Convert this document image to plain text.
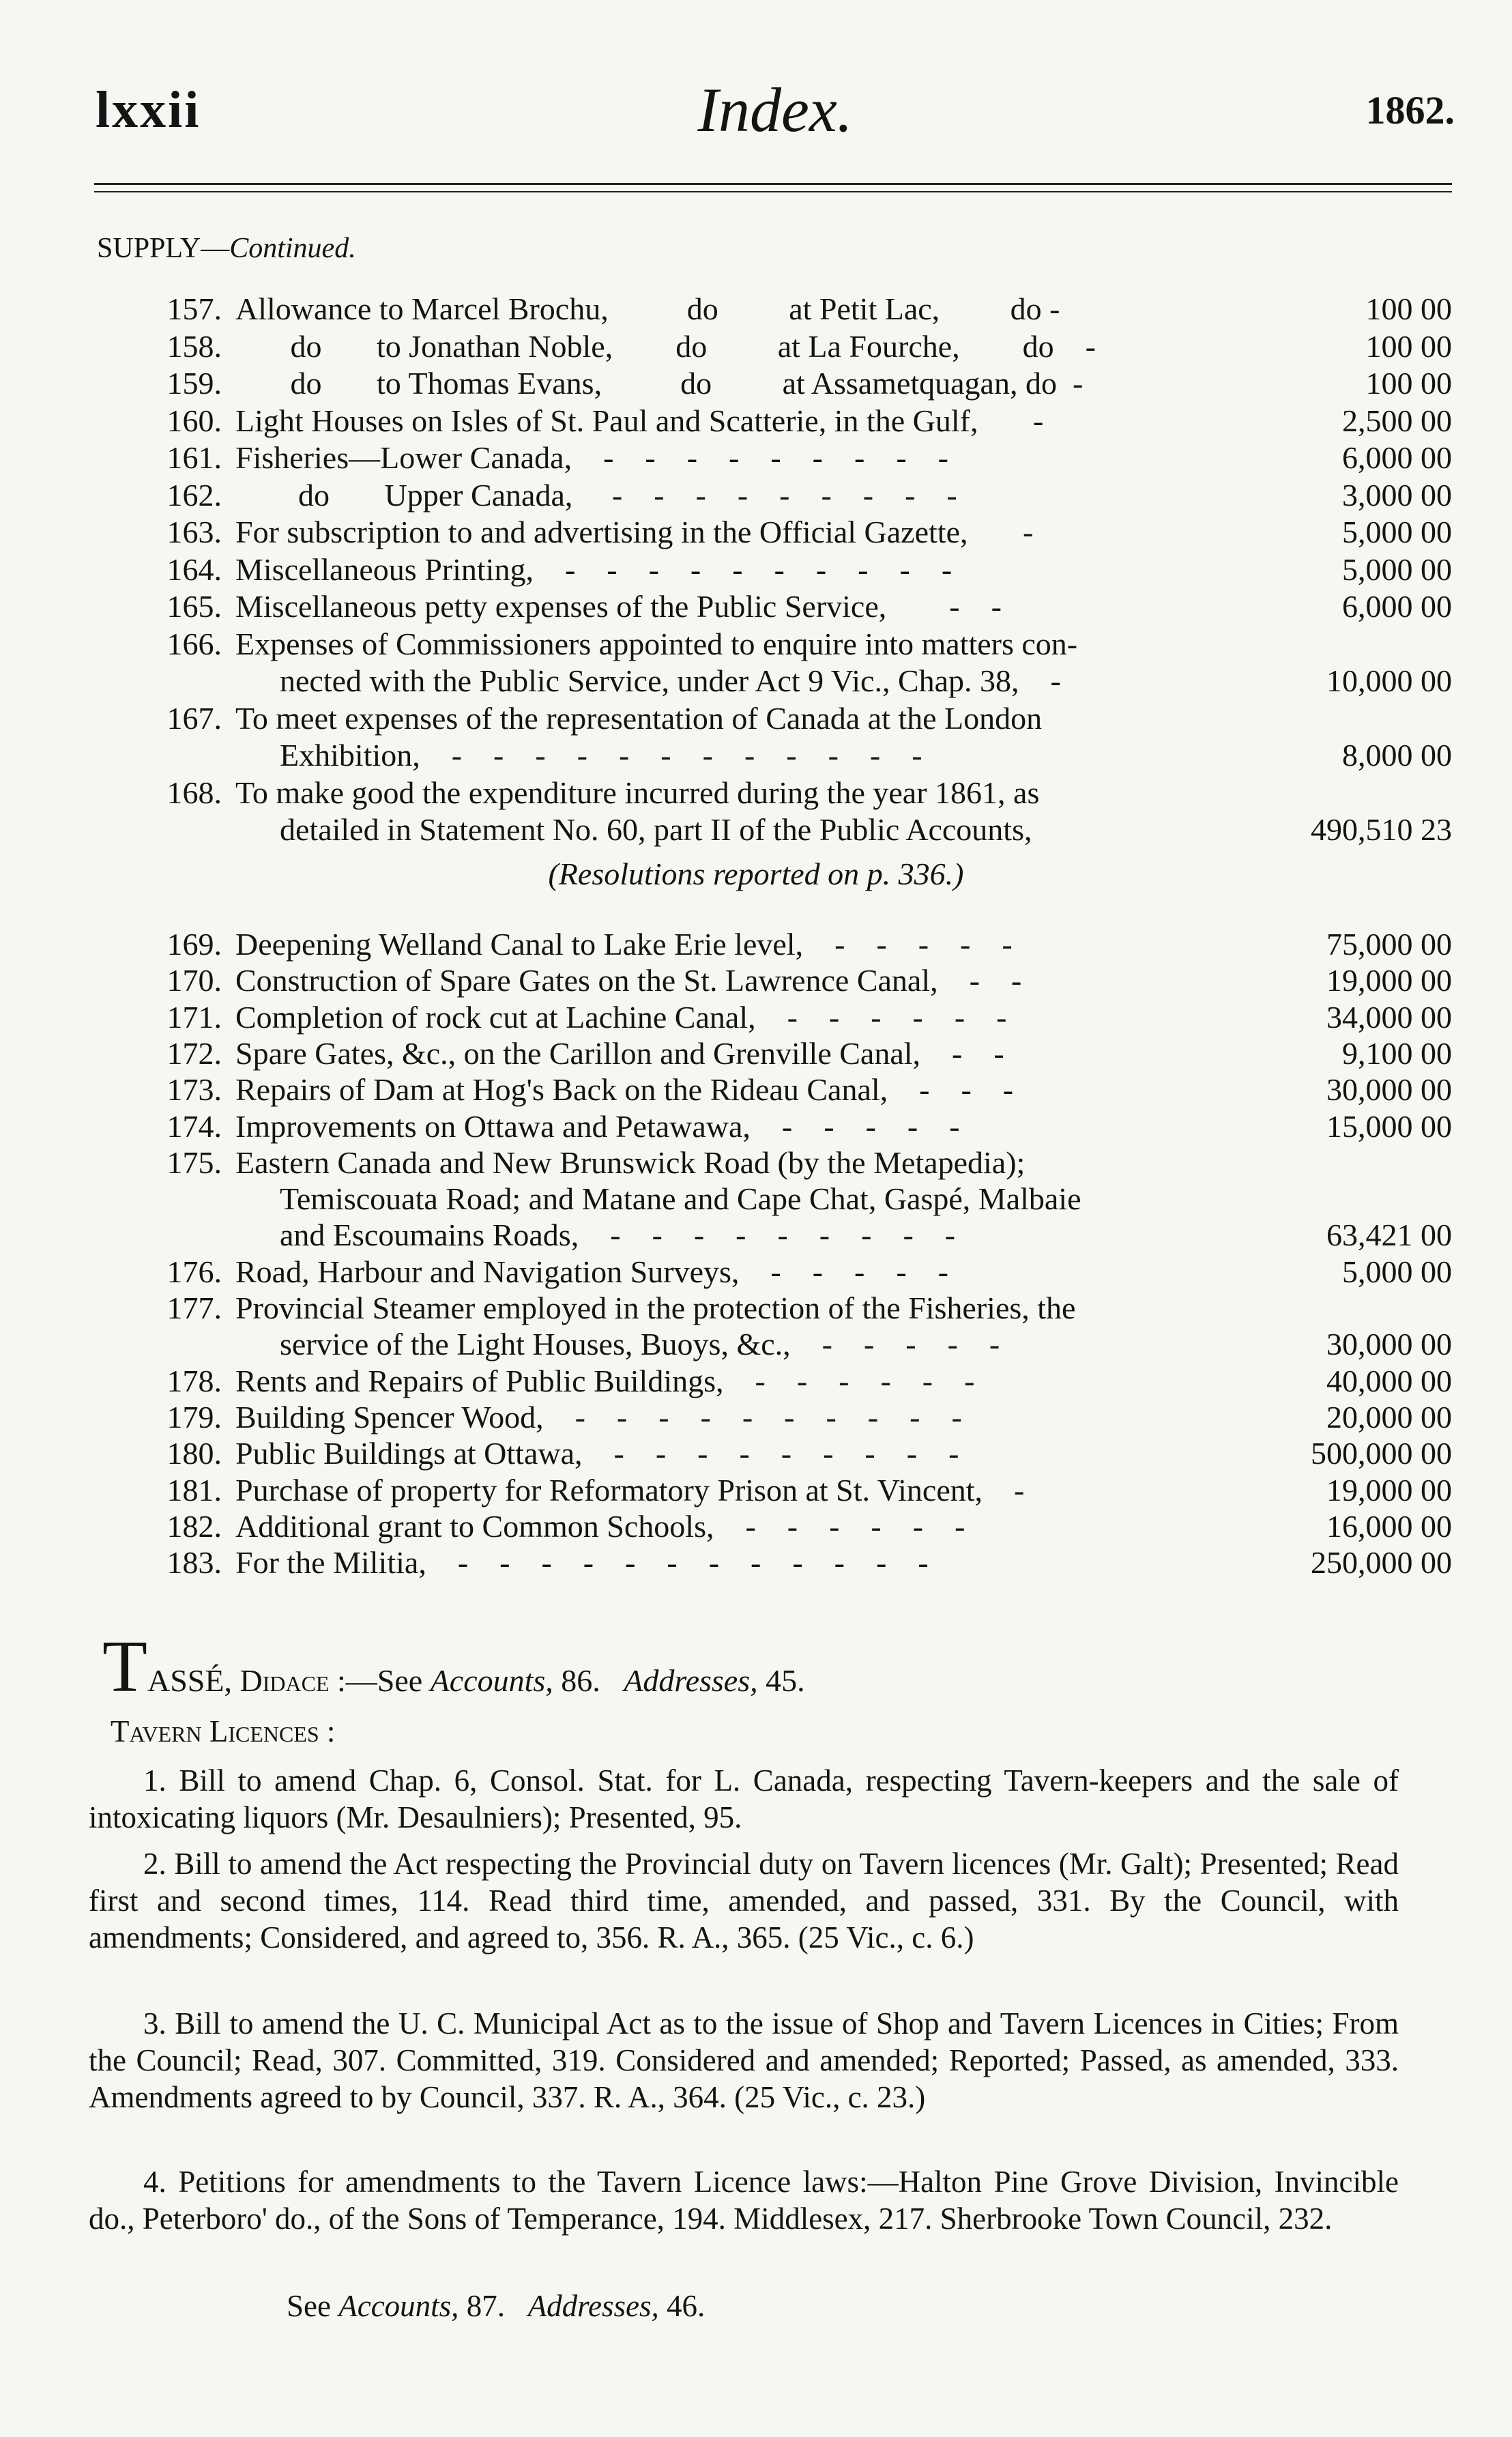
lxxii	Index.	1862.
SUPPLY—Continued.
157. Allowance to Marcel Brochu,          do         at Petit Lac,         do -	100 00
158. do       to Jonathan Noble,        do         at La Fourche,        do    -	100 00
159. do       to Thomas Evans,          do         at Assametquagan, do  -	100 00
160. Light Houses on Isles of St. Paul and Scatterie, in the Gulf,       -	2,500 00
161. Fisheries—Lower Canada,    -    -    -    -    -    -    -    -    -	6,000 00
162. do       Upper Canada,     -    -    -    -    -    -    -    -    -	3,000 00
163. For subscription to and advertising in the Official Gazette,       -	5,000 00
164. Miscellaneous Printing,    -    -    -    -    -    -    -    -    -    -	5,000 00
165. Miscellaneous petty expenses of the Public Service,        -    -	6,000 00
166. Expenses of Commissioners appointed to enquire into matters con-
nected with the Public Service, under Act 9 Vic., Chap. 38,    -	10,000 00
167. To meet expenses of the representation of Canada at the London
Exhibition,    -    -    -    -    -    -    -    -    -    -    -    -	8,000 00
168. To make good the expenditure incurred during the year 1861, as
detailed in Statement No. 60, part II of the Public Accounts,	490,510 23
(Resolutions reported on p. 336.)
169. Deepening Welland Canal to Lake Erie level,    -    -    -    -    -	75,000 00
170. Construction of Spare Gates on the St. Lawrence Canal,    -    -	19,000 00
171. Completion of rock cut at Lachine Canal,    -    -    -    -    -    -	34,000 00
172. Spare Gates, &c., on the Carillon and Grenville Canal,    -    -	9,100 00
173. Repairs of Dam at Hog's Back on the Rideau Canal,    -    -    -	30,000 00
174. Improvements on Ottawa and Petawawa,    -    -    -    -    -	15,000 00
175. Eastern Canada and New Brunswick Road (by the Metapedia);
Temiscouata Road; and Matane and Cape Chat, Gaspé, Malbaie
and Escoumains Roads,    -    -    -    -    -    -    -    -    -	63,421 00
176. Road, Harbour and Navigation Surveys,    -    -    -    -    -	5,000 00
177. Provincial Steamer employed in the protection of the Fisheries, the
service of the Light Houses, Buoys, &c.,    -    -    -    -    -	30,000 00
178. Rents and Repairs of Public Buildings,    -    -    -    -    -    -	40,000 00
179. Building Spencer Wood,    -    -    -    -    -    -    -    -    -    -	20,000 00
180. Public Buildings at Ottawa,    -    -    -    -    -    -    -    -    -	500,000 00
181. Purchase of property for Reformatory Prison at St. Vincent,    -	19,000 00
182. Additional grant to Common Schools,    -    -    -    -    -    -	16,000 00
183. For the Militia,    -    -    -    -    -    -    -    -    -    -    -    -	250,000 00
TASSÉ, Didace :—See Accounts, 86. Addresses, 45.
Tavern Licences :
1. Bill to amend Chap. 6, Consol. Stat. for L. Canada, respecting Tavern-keepers and the sale of intoxicating liquors (Mr. Desaulniers); Presented, 95.
2. Bill to amend the Act respecting the Provincial duty on Tavern licences (Mr. Galt); Presented; Read first and second times, 114. Read third time, amended, and passed, 331. By the Council, with amendments; Considered, and agreed to, 356. R. A., 365. (25 Vic., c. 6.)
3. Bill to amend the U. C. Municipal Act as to the issue of Shop and Tavern Licences in Cities; From the Council; Read, 307. Committed, 319. Considered and amended; Reported; Passed, as amended, 333. Amendments agreed to by Council, 337. R. A., 364. (25 Vic., c. 23.)
4. Petitions for amendments to the Tavern Licence laws:—Halton Pine Grove Division, Invincible do., Peterboro' do., of the Sons of Temperance, 194. Middlesex, 217. Sherbrooke Town Council, 232.
See Accounts, 87. Addresses, 46.
